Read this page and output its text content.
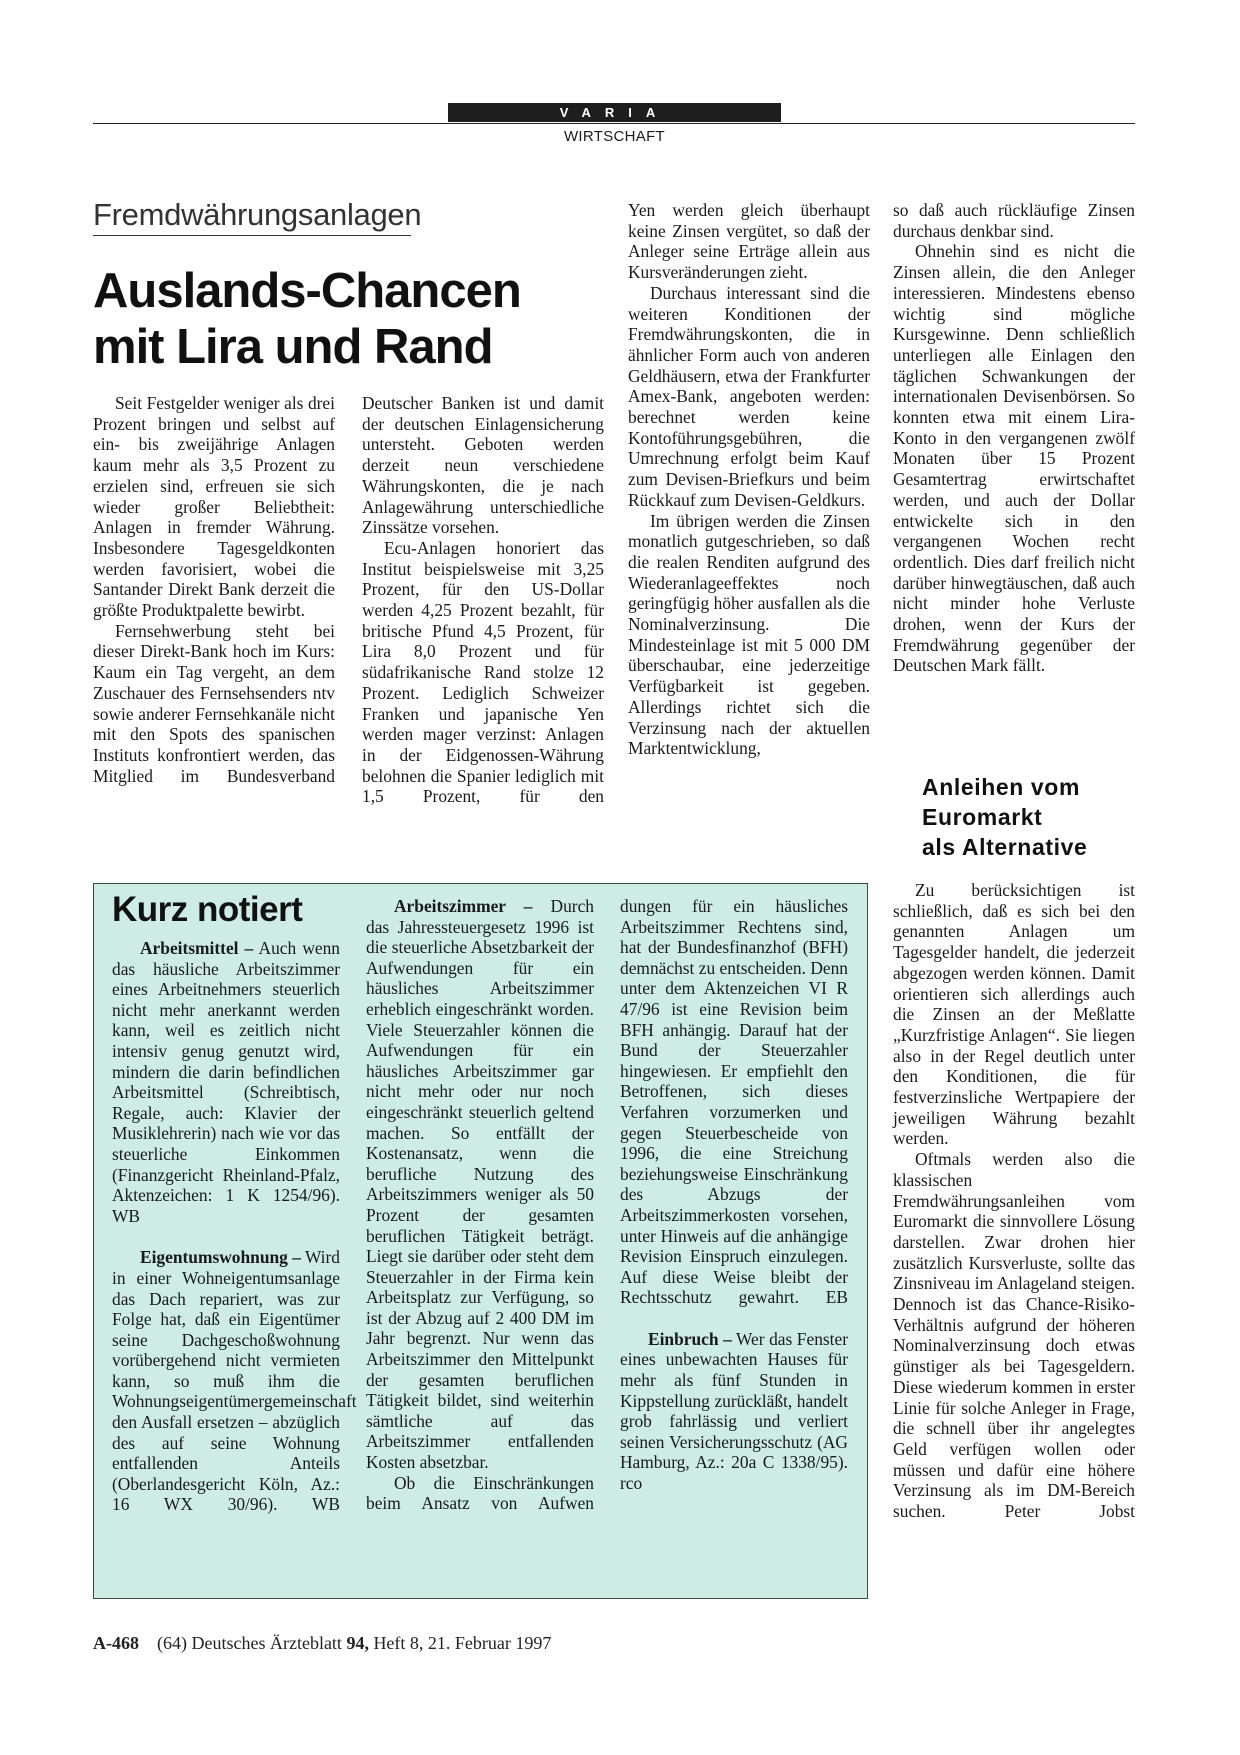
VARIA
WIRTSCHAFT
Fremdwährungsanlagen
Auslands-Chancen
mit Lira und Rand

Seit Festgelder weniger als drei Prozent bringen und selbst auf ein- bis zweijährige Anlagen kaum mehr als 3,5 Prozent zu erzielen sind, erfreuen sie sich wieder großer Beliebtheit: Anlagen in fremder Währung. Insbesondere Tagesgeldkonten werden favorisiert, wobei die Santander Direkt Bank derzeit die größte Produktpalette bewirbt.

Fernsehwerbung steht bei dieser Direkt-Bank hoch im Kurs: Kaum ein Tag vergeht, an dem Zuschauer des Fernsehsenders ntv sowie anderer Fernsehkanäle nicht mit den Spots des spanischen Instituts konfrontiert werden, das Mitglied im Bundesverband

Deutscher Banken ist und damit der deutschen Einlagensicherung untersteht. Geboten werden derzeit neun verschiedene Währungskonten, die je nach Anlagewährung unterschiedliche Zinssätze vorsehen.

Ecu-Anlagen honoriert das Institut beispielsweise mit 3,25 Prozent, für den US-Dollar werden 4,25 Prozent bezahlt, für britische Pfund 4,5 Prozent, für Lira 8,0 Prozent und für südafrikanische Rand stolze 12 Prozent. Lediglich Schweizer Franken und japanische Yen werden mager verzinst: Anlagen in der Eidgenossen-Währung belohnen die Spanier lediglich mit 1,5 Prozent, für den

Yen werden gleich überhaupt keine Zinsen vergütet, so daß der Anleger seine Erträge allein aus Kursveränderungen zieht.

Durchaus interessant sind die weiteren Konditionen der Fremdwährungskonten, die in ähnlicher Form auch von anderen Geldhäusern, etwa der Frankfurter Amex-Bank, angeboten werden: berechnet werden keine Kontoführungsgebühren, die Umrechnung erfolgt beim Kauf zum Devisen-Briefkurs und beim Rückkauf zum Devisen-Geldkurs.

Im übrigen werden die Zinsen monatlich gutgeschrieben, so daß die realen Renditen aufgrund des Wiederanlageeffektes noch geringfügig höher ausfallen als die Nominalverzinsung. Die Mindesteinlage ist mit 5 000 DM überschaubar, eine jederzeitige Verfügbarkeit ist gegeben. Allerdings richtet sich die Verzinsung nach der aktuellen Marktentwicklung,

so daß auch rückläufige Zinsen durchaus denkbar sind.

Ohnehin sind es nicht die Zinsen allein, die den Anleger interessieren. Mindestens ebenso wichtig sind mögliche Kursgewinne. Denn schließlich unterliegen alle Einlagen den täglichen Schwankungen der internationalen Devisenbörsen. So konnten etwa mit einem Lira-Konto in den vergangenen zwölf Monaten über 15 Prozent Gesamtertrag erwirtschaftet werden, und auch der Dollar entwickelte sich in den vergangenen Wochen recht ordentlich. Dies darf freilich nicht darüber hinwegtäuschen, daß auch nicht minder hohe Verluste drohen, wenn der Kurs der Fremdwährung gegenüber der Deutschen Mark fällt.

Anleihen vom
Euromarkt
als Alternative

Zu berücksichtigen ist schließlich, daß es sich bei den genannten Anlagen um Tagesgelder handelt, die jederzeit abgezogen werden können. Damit orientieren sich allerdings auch die Zinsen an der Meßlatte „Kurzfristige Anlagen“. Sie liegen also in der Regel deutlich unter den Konditionen, die für festverzinsliche Wertpapiere der jeweiligen Währung bezahlt werden.

Oftmals werden also die klassischen Fremdwährungsanleihen vom Euromarkt die sinnvollere Lösung darstellen. Zwar drohen hier zusätzlich Kursverluste, sollte das Zinsniveau im Anlageland steigen. Dennoch ist das Chance-Risiko-Verhältnis aufgrund der höheren Nominalverzinsung doch etwas günstiger als bei Tagesgeldern. Diese wiederum kommen in erster Linie für solche Anleger in Frage, die schnell über ihr angelegtes Geld verfügen wollen oder müssen und dafür eine höhere Verzinsung als im DM-Bereich suchen.	Peter Jobst

Kurz notiert

Arbeitsmittel – Auch wenn das häusliche Arbeitszimmer eines Arbeitnehmers steuerlich nicht mehr anerkannt werden kann, weil es zeitlich nicht intensiv genug genutzt wird, mindern die darin befindlichen Arbeitsmittel (Schreibtisch, Regale, auch: Klavier der Musiklehrerin) nach wie vor das steuerliche Einkommen (Finanzgericht Rheinland-Pfalz, Aktenzeichen: 1 K 1254/96). WB

Eigentumswohnung – Wird in einer Wohneigentumsanlage das Dach repariert, was zur Folge hat, daß ein Eigentümer seine Dachgeschoßwohnung vorübergehend nicht vermieten kann, so muß ihm die Wohnungseigentümergemeinschaft den Ausfall ersetzen – abzüglich des auf seine Wohnung entfallenden Anteils (Oberlandesgericht Köln, Az.: 16 WX 30/96). WB

Arbeitszimmer – Durch das Jahressteuergesetz 1996 ist die steuerliche Absetzbarkeit der Aufwendungen für ein häusliches Arbeitszimmer erheblich eingeschränkt worden. Viele Steuerzahler können die Aufwendungen für ein häusliches Arbeitszimmer gar nicht mehr oder nur noch eingeschränkt steuerlich geltend machen. So entfällt der Kostenansatz, wenn die berufliche Nutzung des Arbeitszimmers weniger als 50 Prozent der gesamten beruflichen Tätigkeit beträgt. Liegt sie darüber oder steht dem Steuerzahler in der Firma kein Arbeitsplatz zur Verfügung, so ist der Abzug auf 2 400 DM im Jahr begrenzt. Nur wenn das Arbeitszimmer den Mittelpunkt der gesamten beruflichen Tätigkeit bildet, sind weiterhin sämtliche auf das Arbeitszimmer entfallenden Kosten absetzbar.

Ob die Einschränkungen beim Ansatz von Aufwen

dungen für ein häusliches Arbeitszimmer Rechtens sind, hat der Bundesfinanzhof (BFH) demnächst zu entscheiden. Denn unter dem Aktenzeichen VI R 47/96 ist eine Revision beim BFH anhängig. Darauf hat der Bund der Steuerzahler hingewiesen. Er empfiehlt den Betroffenen, sich dieses Verfahren vorzumerken und gegen Steuerbescheide von 1996, die eine Streichung beziehungsweise Einschränkung des Abzugs der Arbeitszimmerkosten vorsehen, unter Hinweis auf die anhängige Revision Einspruch einzulegen. Auf diese Weise bleibt der Rechtsschutz gewahrt. EB

Einbruch – Wer das Fenster eines unbewachten Hauses für mehr als fünf Stunden in Kippstellung zurückläßt, handelt grob fahrlässig und verliert seinen Versicherungsschutz (AG Hamburg, Az.: 20a C 1338/95). rco

A-468 (64) Deutsches Ärzteblatt 94, Heft 8, 21. Februar 1997
